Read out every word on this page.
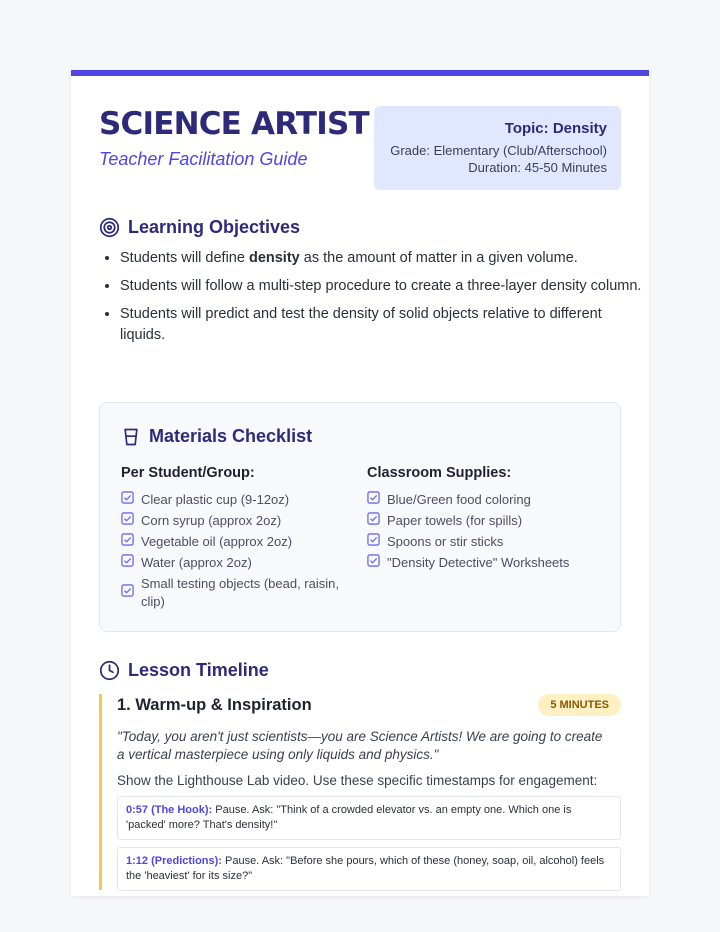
SCIENCE ARTIST

Teacher Facilitation Guide

Topic: Density
Grade: Elementary (Club/Afterschool)
Duration: 45-50 Minutes
Learning Objectives
• Students will define density as the amount of matter in a given volume.
• Students will follow a multi-step procedure to create a three-layer density column.
• Students will predict and test the density of solid objects relative to different liquids.
Materials Checklist
Per Student/Group:
Clear plastic cup (9-12oz)
Corn syrup (approx 2oz)
Vegetable oil (approx 2oz)
Water (approx 2oz)
Small testing objects (bead, raisin, clip)
Classroom Supplies:
Blue/Green food coloring
Paper towels (for spills)
Spoons or stir sticks
"Density Detective" Worksheets
Lesson Timeline
1. Warm-up & Inspiration	5 MINUTES
"Today, you aren't just scientists—you are Science Artists! We are going to create a vertical masterpiece using only liquids and physics."
Show the Lighthouse Lab video. Use these specific timestamps for engagement:
0:57 (The Hook): Pause. Ask: "Think of a crowded elevator vs. an empty one. Which one is 'packed' more? That's density!"
1:12 (Predictions): Pause. Ask: "Before she pours, which of these (honey, soap, oil, alcohol) feels the 'heaviest' for its size?"
